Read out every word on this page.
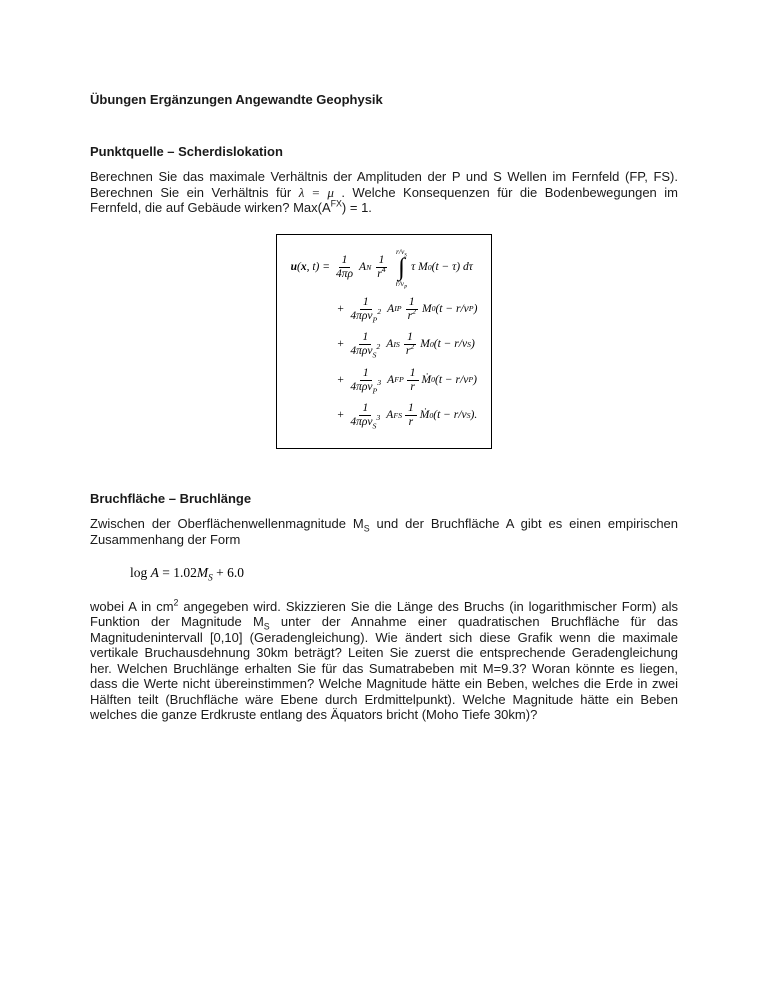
Übungen Ergänzungen Angewandte Geophysik
Punktquelle – Scherdislokation

Berechnen Sie das maximale Verhältnis der Amplituden der P und S Wellen im Fernfeld (FP, FS). Berechnen Sie ein Verhältnis für λ = μ . Welche Konsequenzen für die Bodenbewegungen im Fernfeld, die auf Gebäude wirken? $Max(A^{FX}) = 1$.

u ( x , $t) = \frac{1}{4\pi\rho}$ A N $\frac{1}{r^4}$
$r/v_S$
∫
$r/v_P$
τ M 0 (t − τ) dτ
+ $\frac{1}{4\pi\rho v_P^2}$ A IP $\frac{1}{r^2}$ M 0 (t − r/v P )
+ $\frac{1}{4\pi\rho v_S^2}$ A IS $\frac{1}{r^2}$ M 0 (t − r/v S )
+ $\frac{1}{4\pi\rho v_P^3}$ A FP $\frac{1}{r}$ Ṁ 0 (t − r/v P )
+ $\frac{1}{4\pi\rho v_S^3}$ A FS $\frac{1}{r}$ Ṁ 0 (t − r/v S ).
Bruchfläche – Bruchlänge

Zwischen der Oberflächenwellenmagnitude $M_S$ und der Bruchfläche A gibt es einen empirischen Zusammenhang der Form

$\log A = 1.02M_S + 6.0$

wobei A in $cm^2$ angegeben wird. Skizzieren Sie die Länge des Bruchs (in logarithmischer Form) als Funktion der Magnitude $M_S$ unter der Annahme einer quadratischen Bruchfläche für das Magnitudenintervall [0,10] (Geradengleichung). Wie ändert sich diese Grafik wenn die maximale vertikale Bruchausdehnung 30km beträgt? Leiten Sie zuerst die entsprechende Geradengleichung her. Welchen Bruchlänge erhalten Sie für das Sumatrabeben mit M=9.3? Woran könnte es liegen, dass die Werte nicht übereinstimmen? Welche Magnitude hätte ein Beben, welches die Erde in zwei Hälften teilt (Bruchfläche wäre Ebene durch Erdmittelpunkt). Welche Magnitude hätte ein Beben welches die ganze Erdkruste entlang des Äquators bricht (Moho Tiefe 30km)?
